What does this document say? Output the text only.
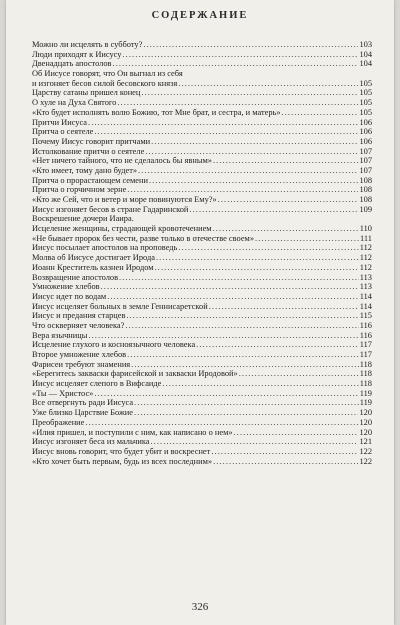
СОДЕРЖАНИЕ
Можно ли исцелять в субботу? . . .	103
Люди приходят к Иисусу . . .	104
Двенадцать апостолов . . .	104
Об Иисусе говорят, что Он выгнал из себя
и изгоняет бесов силой бесовского князя . . .	105
Царству сатаны пришел конец . . .	105
О хуле на Духа Святого . . .	105
«Кто будет исполнять волю Божию, тот Мне брат, и сестра, и матерь» . . .	105
Притчи Иисуса . . .	106
Притча о сеятеле . . .	106
Почему Иисус говорит притчами . . .	106
Истолкование притчи о сеятеле . . .	107
«Нет ничего тайного, что не сделалось бы явным» . . .	107
«Кто имеет, тому дано будет» . . .	107
Притча о прорастающем семени . . .	108
Притча о горчичном зерне . . .	108
«Кто же Сей, что и ветер и море повинуются Ему?» . . .	108
Иисус изгоняет бесов в стране Гадаринской . . .	109
Воскрешение дочери Иаира.
Исцеление женщины, страдающей кровотечением . . .	110
«Не бывает пророк без чести, разве только в отечестве своем» . . .	111
Иисус посылает апостолов на проповедь . . .	112
Молва об Иисусе достигает Ирода . . .	112
Иоанн Креститель казнен Иродом . . .	112
Возвращение апостолов . . .	113
Умножение хлебов . . .	113
Иисус идет по водам . . .	114
Иисус исцеляет больных в земле Геннисаретской . . .	114
Иисус и предания старцев . . .	115
Что оскверняет человека? . . .	116
Вера язычницы . . .	116
Исцеление глухого и косноязычного человека . . .	117
Второе умножение хлебов . . .	117
Фарисеи требуют знамения . . .	118
«Берегитесь закваски фарисейской и закваски Иродовой» . . .	118
Иисус исцеляет слепого в Вифсаиде . . .	118
«Ты — Христос» . . .	119
Все отвергнуть ради Иисуса . . .	119
Уже близко Царствие Божие . . .	120
Преображение . . .	120
«Илия пришел, и поступили с ним, как написано о нем» . . .	120
Иисус изгоняет беса из мальчика . . .	121
Иисус вновь говорит, что будет убит и воскреснет . . .	122
«Кто хочет быть первым, будь из всех последним» . . .	122
326
